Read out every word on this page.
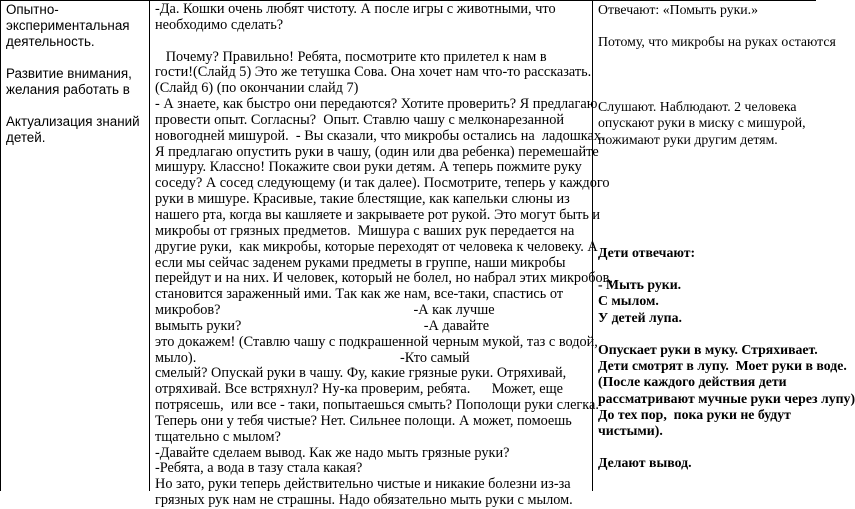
Опытно-
экспериментальная
деятельность.

Развитие внимания,
желания работать в

Актуализация знаний
детей.

-Да. Кошки очень любят чистоту. А после игры с животными, что
необходимо сделать?
Почему? Правильно! Ребята, посмотрите кто прилетел к нам в
гости!(Слайд 5) Это же тетушка Сова. Она хочет нам что-то рассказать.
(Слайд 6) (по окончании слайд 7)
- А знаете, как быстро они передаются? Хотите проверить? Я предлагаю
провести опыт. Согласны?  Опыт. Ставлю чашу с мелконарезанной
новогодней мишурой.  - Вы сказали, что микробы остались на  ладошках.
Я предлагаю опустить руки в чашу, (один или два ребенка) перемешайте
мишуру. Классно! Покажите свои руки детям. А теперь пожмите руку
соседу? А сосед следующему (и так далее). Посмотрите, теперь у каждого
руки в мишуре. Красивые, такие блестящие, как капельки слюны из
нашего рта, когда вы кашляете и закрываете рот рукой. Это могут быть и
микробы от грязных предметов.  Мишура с ваших рук передается на
другие руки,  как микробы, которые переходят от человека к человеку. А
если мы сейчас заденем руками предметы в группе, наши микробы
перейдут и на них. И человек, который не болел, но набрал этих микробов,
становится зараженный ими. Так как же нам, все-таки, спастись от
микробов?                                                      -А как лучше
вымыть руки?                                                   -А давайте
это докажем! (Ставлю чашу с подкрашенной черным мукой, таз с водой,
мыло).                                                         -Кто самый
смелый? Опускай руки в чашу. Фу, какие грязные руки. Отряхивай,
отряхивай. Все встряхнул? Ну-ка проверим, ребята.      Может, еще
потрясешь,  или все - таки, попытаешься смыть? Пополощи руки слегка.
Теперь они у тебя чистые? Нет. Сильнее полощи. А может, помоешь
тщательно с мылом?
-Давайте сделаем вывод. Как же надо мыть грязные руки?
-Ребята, а вода в тазу стала какая?
Но зато, руки теперь действительно чистые и никакие болезни из-за
грязных рук нам не страшны. Надо обязательно мыть руки с мылом.
Отвечают: «Помыть руки.»
Потому, что микробы на руках остаются
Слушают. Наблюдают. 2 человека
опускают руки в миску с мишурой,
пожимают руки другим детям.
Дети отвечают:
- Мыть руки.
С мылом.
У детей лупа.
Опускает руки в муку. Стряхивает.
Дети смотрят в лупу.  Моет руки в воде.
(После каждого действия дети
рассматривают мучные руки через лупу)
До тех пор,  пока руки не будут
чистыми).
Делают вывод.
